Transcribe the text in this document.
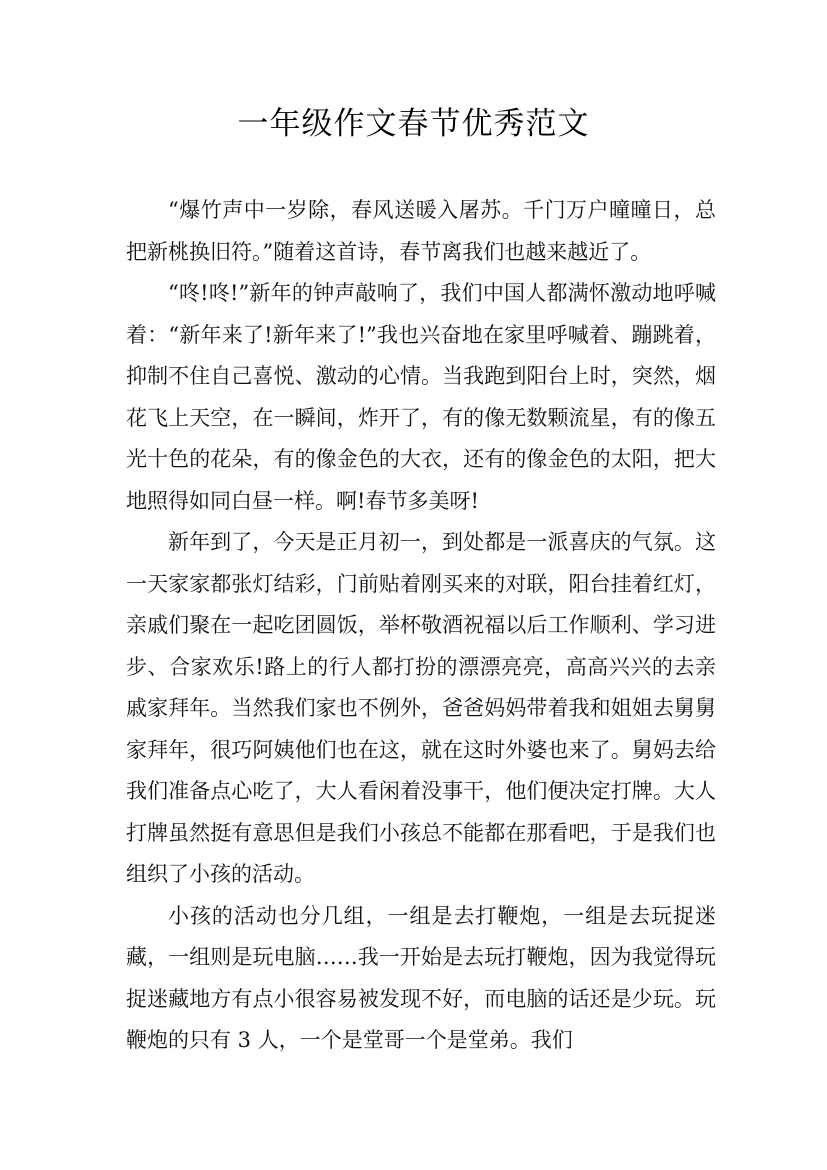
一年级作文春节优秀范文

“爆竹声中一岁除，春风送暖入屠苏。千门万户曈曈日，总把新桃换旧符。”随着这首诗，春节离我们也越来越近了。

“咚!咚!”新年的钟声敲响了，我们中国人都满怀激动地呼喊着：“新年来了!新年来了!”我也兴奋地在家里呼喊着、蹦跳着，抑制不住自己喜悦、激动的心情。当我跑到阳台上时，突然，烟花飞上天空，在一瞬间，炸开了，有的像无数颗流星，有的像五光十色的花朵，有的像金色的大衣，还有的像金色的太阳，把大地照得如同白昼一样。啊!春节多美呀!

新年到了，今天是正月初一，到处都是一派喜庆的气氛。这一天家家都张灯结彩，门前贴着刚买来的对联，阳台挂着红灯，亲戚们聚在一起吃团圆饭，举杯敬酒祝福以后工作顺利、学习进步、合家欢乐!路上的行人都打扮的漂漂亮亮，高高兴兴的去亲戚家拜年。当然我们家也不例外，爸爸妈妈带着我和姐姐去舅舅家拜年，很巧阿姨他们也在这，就在这时外婆也来了。舅妈去给我们准备点心吃了，大人看闲着没事干，他们便决定打牌。大人打牌虽然挺有意思但是我们小孩总不能都在那看吧，于是我们也组织了小孩的活动。

小孩的活动也分几组，一组是去打鞭炮，一组是去玩捉迷藏，一组则是玩电脑……我一开始是去玩打鞭炮，因为我觉得玩捉迷藏地方有点小很容易被发现不好，而电脑的话还是少玩。玩鞭炮的只有 3 人，一个是堂哥一个是堂弟。我们
